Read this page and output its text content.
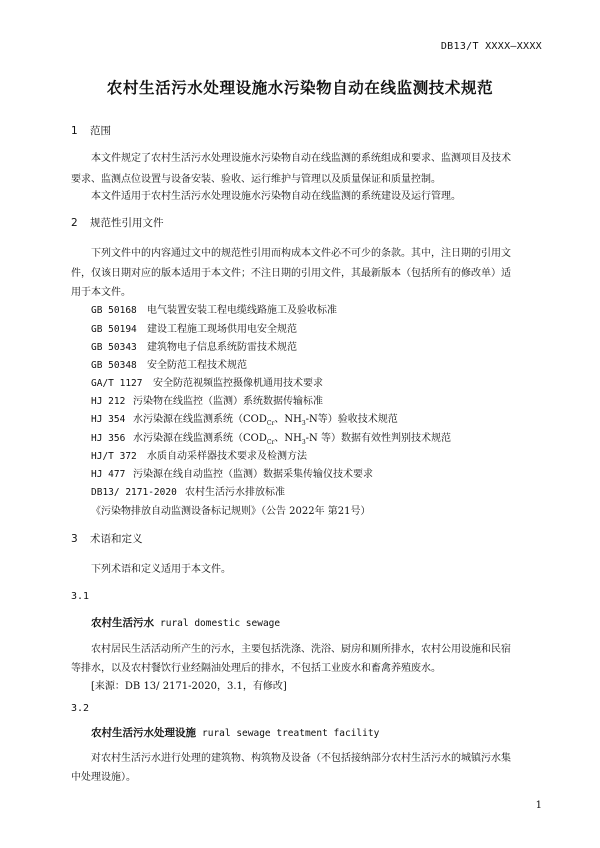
DB13/T XXXX—XXXX
农村生活污水处理设施水污染物自动在线监测技术规范
1 范围
本文件规定了农村生活污水处理设施水污染物自动在线监测的系统组成和要求、监测项目及技术
要求、监测点位设置与设备安装、验收、运行维护与管理以及质量保证和质量控制。
本文件适用于农村生活污水处理设施水污染物自动在线监测的系统建设及运行管理。
2 规范性引用文件
下列文件中的内容通过文中的规范性引用而构成本文件必不可少的条款。其中，注日期的引用文
件，仅该日期对应的版本适用于本文件；不注日期的引用文件，其最新版本（包括所有的修改单）适
用于本文件。
GB 50168 电气装置安装工程电缆线路施工及验收标准
GB 50194 建设工程施工现场供用电安全规范
GB 50343 建筑物电子信息系统防雷技术规范
GB 50348 安全防范工程技术规范
GA/T 1127 安全防范视频监控摄像机通用技术要求
HJ 212 污染物在线监控（监测）系统数据传输标准
HJ 354 水污染源在线监测系统（$COD_{Cr}$、$NH_3-N$等）验收技术规范
HJ 356 水污染源在线监测系统（$COD_{Cr}$、$NH_3-N$ 等）数据有效性判别技术规范
HJ/T 372 水质自动采样器技术要求及检测方法
HJ 477 污染源在线自动监控（监测）数据采集传输仪技术要求
DB13/ 2171-2020 农村生活污水排放标准
《污染物排放自动监测设备标记规则》（公告 2022年 第21号）
3 术语和定义
下列术语和定义适用于本文件。
3.1
农村生活污水 rural domestic sewage
农村居民生活活动所产生的污水，主要包括洗涤、洗浴、厨房和厕所排水，农村公用设施和民宿
等排水，以及农村餐饮行业经隔油处理后的排水，不包括工业废水和畜禽养殖废水。
[来源：DB 13/ 2171-2020，3.1，有修改]
3.2
农村生活污水处理设施 rural sewage treatment facility
对农村生活污水进行处理的建筑物、构筑物及设备（不包括接纳部分农村生活污水的城镇污水集
中处理设施）。
1
